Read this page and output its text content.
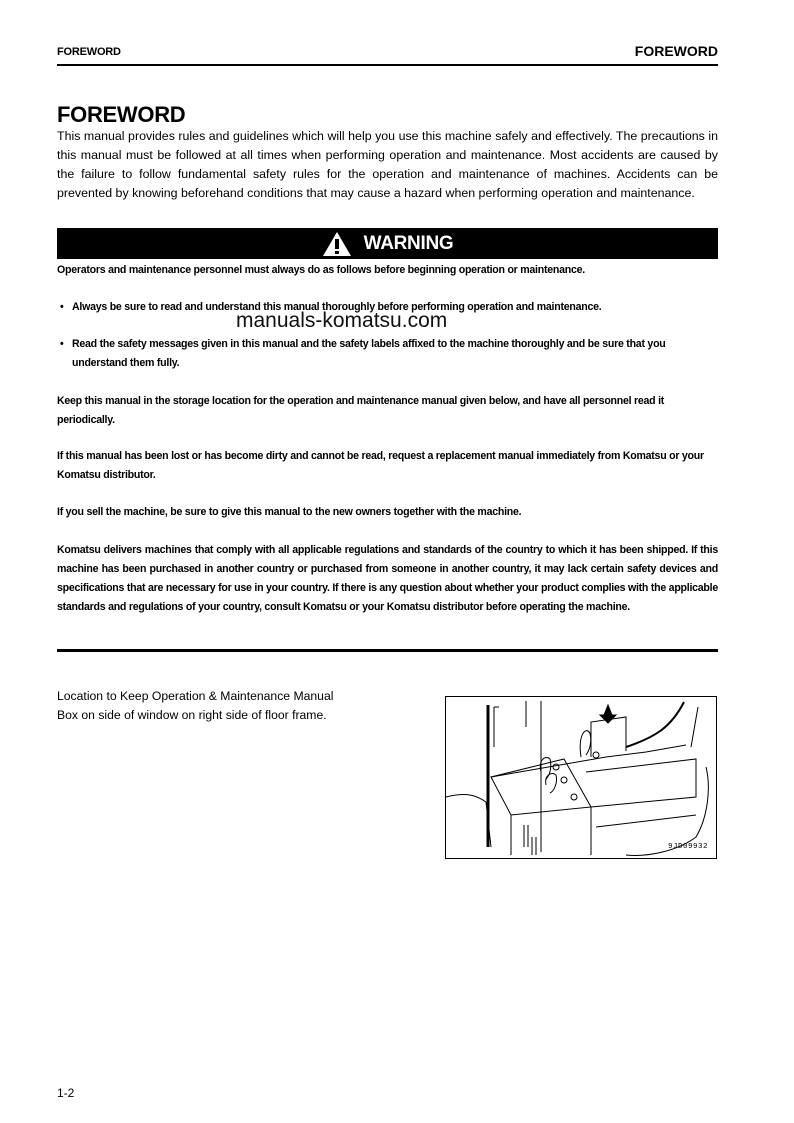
FOREWORD	FOREWORD
FOREWORD
This manual provides rules and guidelines which will help you use this machine safely and effectively. The precautions in this manual must be followed at all times when performing operation and maintenance. Most accidents are caused by the failure to follow fundamental safety rules for the operation and maintenance of machines. Accidents can be prevented by knowing beforehand conditions that may cause a hazard when performing operation and maintenance.
WARNING
Operators and maintenance personnel must always do as follows before beginning operation or maintenance.
• Always be sure to read and understand this manual thoroughly before performing operation and maintenance.
manuals-komatsu.com
• Read the safety messages given in this manual and the safety labels affixed to the machine thoroughly and be sure that you understand them fully.
Keep this manual in the storage location for the operation and maintenance manual given below, and have all personnel read it periodically.
If this manual has been lost or has become dirty and cannot be read, request a replacement manual immediately from Komatsu or your Komatsu distributor.
If you sell the machine, be sure to give this manual to the new owners together with the machine.
Komatsu delivers machines that comply with all applicable regulations and standards of the country to which it has been shipped. If this machine has been purchased in another country or purchased from someone in another country, it may lack certain safety devices and specifications that are necessary for use in your country. If there is any question about whether your product complies with the applicable standards and regulations of your country, consult Komatsu or your Komatsu distributor before operating the machine.
Location to Keep Operation & Maintenance Manual
Box on side of window on right side of floor frame.
9JD09932
1-2
